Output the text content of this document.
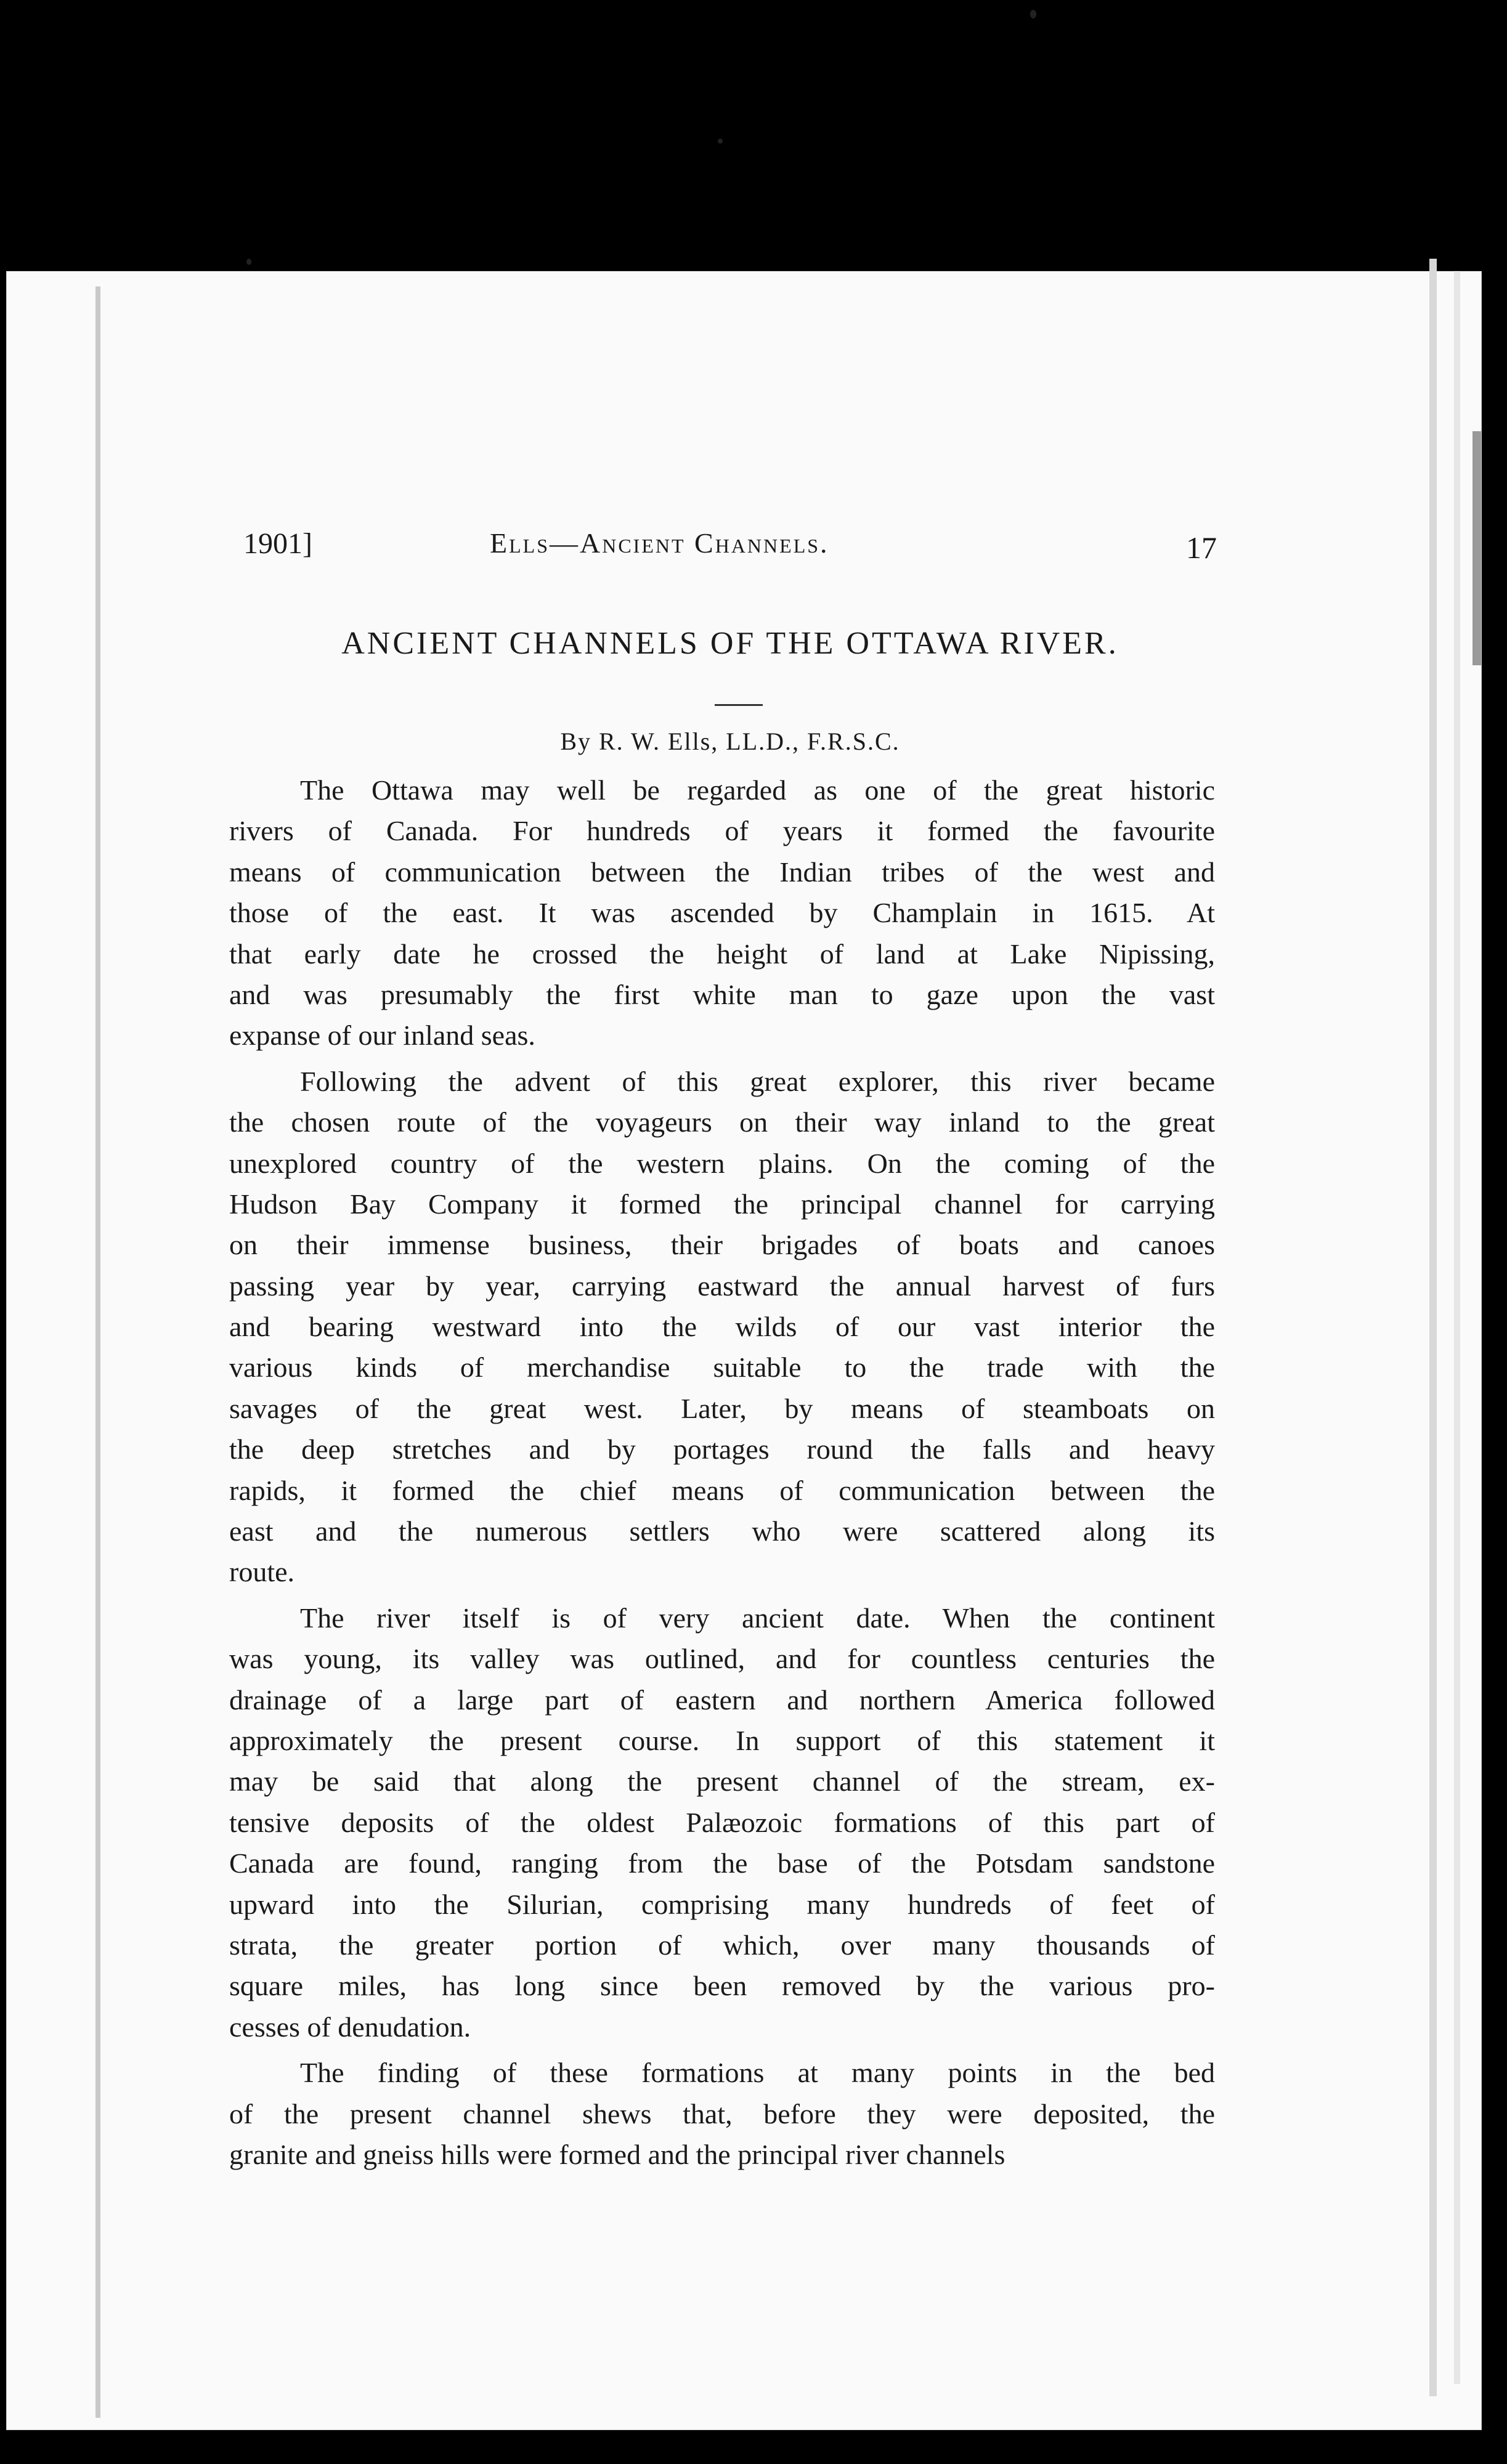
1901]	Ells—Ancient Channels.	17
ANCIENT CHANNELS OF THE OTTAWA RIVER.
By R. W. Ells, LL.D., F.R.S.C.
The Ottawa may well be regarded as one of the great historic
rivers of Canada. For hundreds of years it formed the favourite
means of communication between the Indian tribes of the west and
those of the east. It was ascended by Champlain in 1615. At
that early date he crossed the height of land at Lake Nipissing,
and was presumably the first white man to gaze upon the vast
expanse of our inland seas.
Following the advent of this great explorer, this river became
the chosen route of the voyageurs on their way inland to the great
unexplored country of the western plains. On the coming of the
Hudson Bay Company it formed the principal channel for carrying
on their immense business, their brigades of boats and canoes
passing year by year, carrying eastward the annual harvest of furs
and bearing westward into the wilds of our vast interior the
various kinds of merchandise suitable to the trade with the
savages of the great west. Later, by means of steamboats on
the deep stretches and by portages round the falls and heavy
rapids, it formed the chief means of communication between the
east and the numerous settlers who were scattered along its
route.
The river itself is of very ancient date. When the continent
was young, its valley was outlined, and for countless centuries the
drainage of a large part of eastern and northern America followed
approximately the present course. In support of this statement it
may be said that along the present channel of the stream, ex-
tensive deposits of the oldest Palæozoic formations of this part of
Canada are found, ranging from the base of the Potsdam sandstone
upward into the Silurian, comprising many hundreds of feet of
strata, the greater portion of which, over many thousands of
square miles, has long since been removed by the various pro-
cesses of denudation.
The finding of these formations at many points in the bed
of the present channel shews that, before they were deposited, the
granite and gneiss hills were formed and the principal river channels
